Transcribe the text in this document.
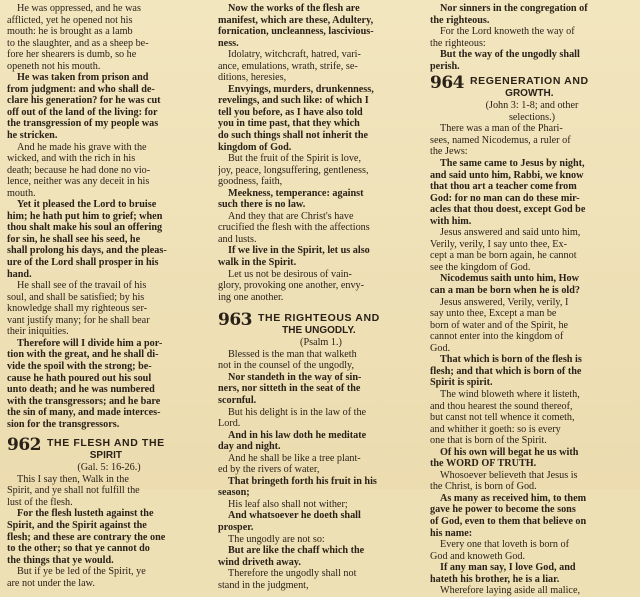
He was oppressed, and he was
afflicted, yet he opened not his
mouth: he is brought as a lamb
to the slaughter, and as a sheep be-
fore her shearers is dumb, so he
openeth not his mouth.
He was taken from prison and
from judgment: and who shall de-
clare his generation? for he was cut
off out of the land of the living: for
the transgression of my people was
he stricken.
And he made his grave with the
wicked, and with the rich in his
death; because he had done no vio-
lence, neither was any deceit in his
mouth.
Yet it pleased the Lord to bruise
him; he hath put him to grief; when
thou shalt make his soul an offering
for sin, he shall see his seed, he
shall prolong his days, and the pleas-
ure of the Lord shall prosper in his
hand.
He shall see of the travail of his
soul, and shall be satisfied; by his
knowledge shall my righteous ser-
vant justify many; for he shall bear
their iniquities.
Therefore will I divide him a por-
tion with the great, and he shall di-
vide the spoil with the strong; be-
cause he hath poured out his soul
unto death; and he was numbered
with the transgressors; and he bare
the sin of many, and made interces-
sion for the transgressors.
962 THE FLESH AND THE
SPIRIT
(Gal. 5: 16-26.)
This I say then, Walk in the
Spirit, and ye shall not fulfill the
lust of the flesh.
For the flesh lusteth against the
Spirit, and the Spirit against the
flesh; and these are contrary the one
to the other; so that ye cannot do
the things that ye would.
But if ye be led of the Spirit, ye
are not under the law.
Now the works of the flesh are
manifest, which are these, Adultery,
fornication, uncleanness, lascivious-
ness.
Idolatry, witchcraft, hatred, vari-
ance, emulations, wrath, strife, se-
ditions, heresies,
Envyings, murders, drunkenness,
revelings, and such like: of which I
tell you before, as I have also told
you in time past, that they which
do such things shall not inherit the
kingdom of God.
But the fruit of the Spirit is love,
joy, peace, longsuffering, gentleness,
goodness, faith,
Meekness, temperance: against
such there is no law.
And they that are Christ's have
crucified the flesh with the affections
and lusts.
If we live in the Spirit, let us also
walk in the Spirit.
Let us not be desirous of vain-
glory, provoking one another, envy-
ing one another.
963 THE RIGHTEOUS AND
THE UNGODLY.
(Psalm 1.)
Blessed is the man that walketh
not in the counsel of the ungodly,
Nor standeth in the way of sin-
ners, nor sitteth in the seat of the
scornful.
But his delight is in the law of the
Lord.
And in his law doth he meditate
day and night.
And he shall be like a tree plant-
ed by the rivers of water,
That bringeth forth his fruit in his
season;
His leaf also shall not wither;
And whatsoever he doeth shall
prosper.
The ungodly are not so:
But are like the chaff which the
wind driveth away.
Therefore the ungodly shall not
stand in the judgment,
Nor sinners in the congregation of
the righteous.
For the Lord knoweth the way of
the righteous:
But the way of the ungodly shall
perish.
964 REGENERATION AND
GROWTH.
(John 3: 1-8; and other
selections.)
There was a man of the Phari-
sees, named Nicodemus, a ruler of
the Jews:
The same came to Jesus by night,
and said unto him, Rabbi, we know
that thou art a teacher come from
God: for no man can do these mir-
acles that thou doest, except God be
with him.
Jesus answered and said unto him,
Verily, verily, I say unto thee, Ex-
cept a man be born again, he cannot
see the kingdom of God.
Nicodemus saith unto him, How
can a man be born when he is old?
Jesus answered, Verily, verily, I
say unto thee, Except a man be
born of water and of the Spirit, he
cannot enter into the kingdom of
God.
That which is born of the flesh is
flesh; and that which is born of the
Spirit is spirit.
The wind bloweth where it listeth,
and thou hearest the sound thereof,
but canst not tell whence it cometh,
and whither it goeth: so is every
one that is born of the Spirit.
Of his own will begat he us with
the WORD OF TRUTH.
Whosoever believeth that Jesus is
the Christ, is born of God.
As many as received him, to them
gave he power to become the sons
of God, even to them that believe on
his name:
Every one that loveth is born of
God and knoweth God.
If any man say, I love God, and
hateth his brother, he is a liar.
Wherefore laying aside all malice,
